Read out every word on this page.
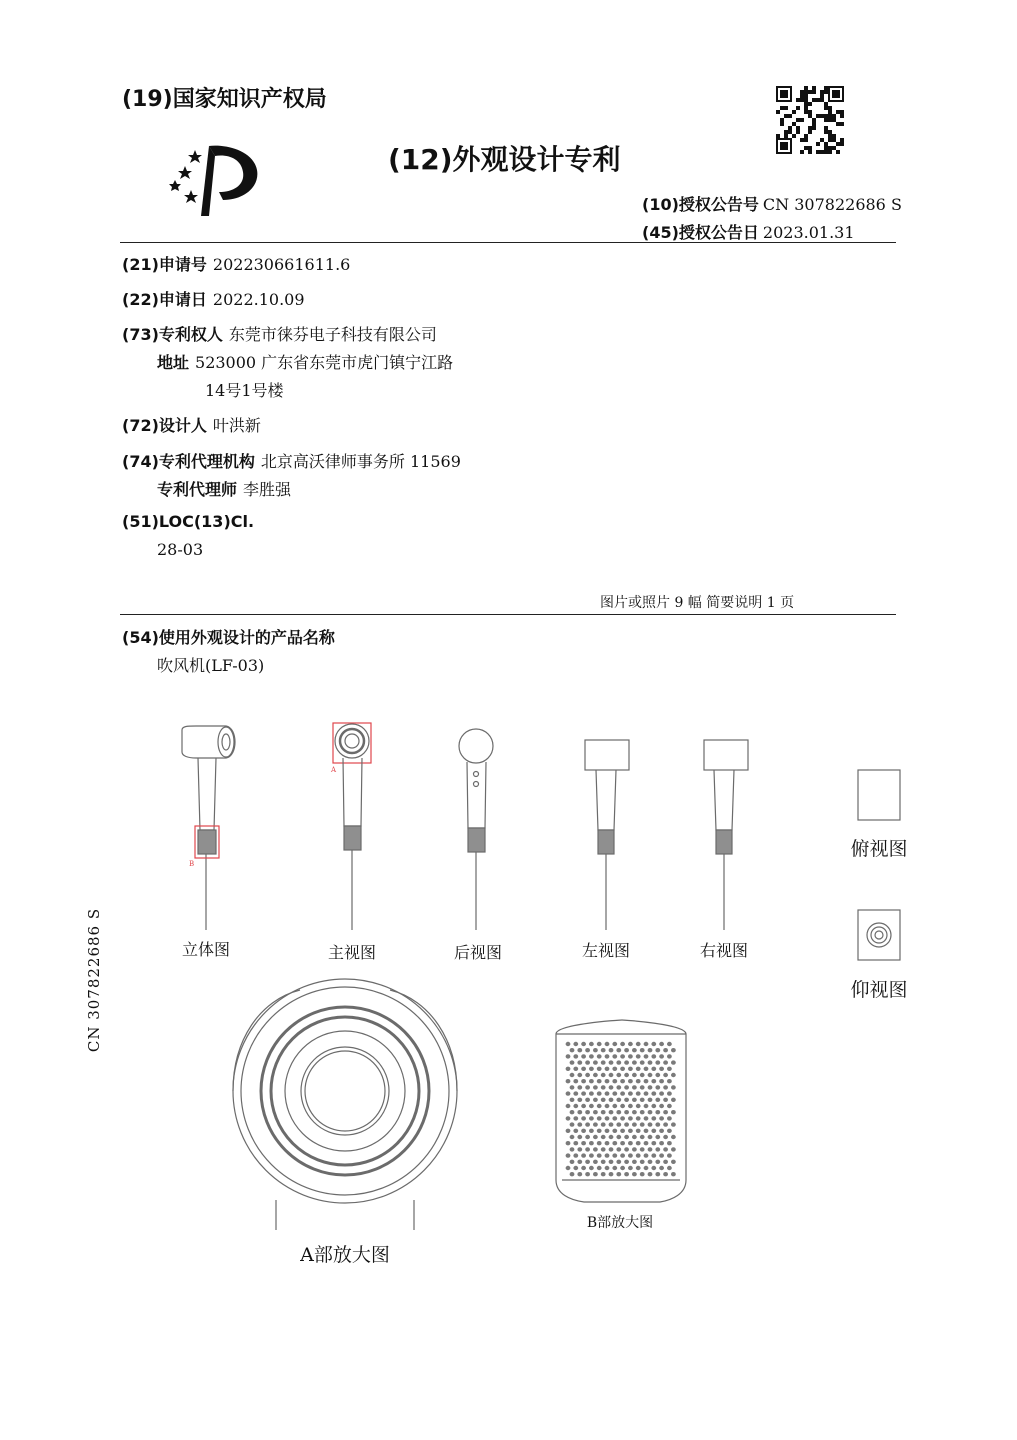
(19)国家知识产权局
(12)外观设计专利
(10)授权公告号 CN 307822686 S
(45)授权公告日 2023.01.31
(21)申请号 202230661611.6
(22)申请日 2022.10.09
(73)专利权人 东莞市徕芬电子科技有限公司
地址 523000 广东省东莞市虎门镇宁江路
14号1号楼
(72)设计人 叶洪新
(74)专利代理机构 北京高沃律师事务所 11569
专利代理师 李胜强
(51)LOC(13)Cl.
28-03
图片或照片 9 幅 简要说明 1 页
(54)使用外观设计的产品名称
吹风机(LF-03)
CN 307822686 S	立体图	主视图	后视图	左视图	右视图
俯视图
仰视图
A部放大图
B部放大图
A
B
